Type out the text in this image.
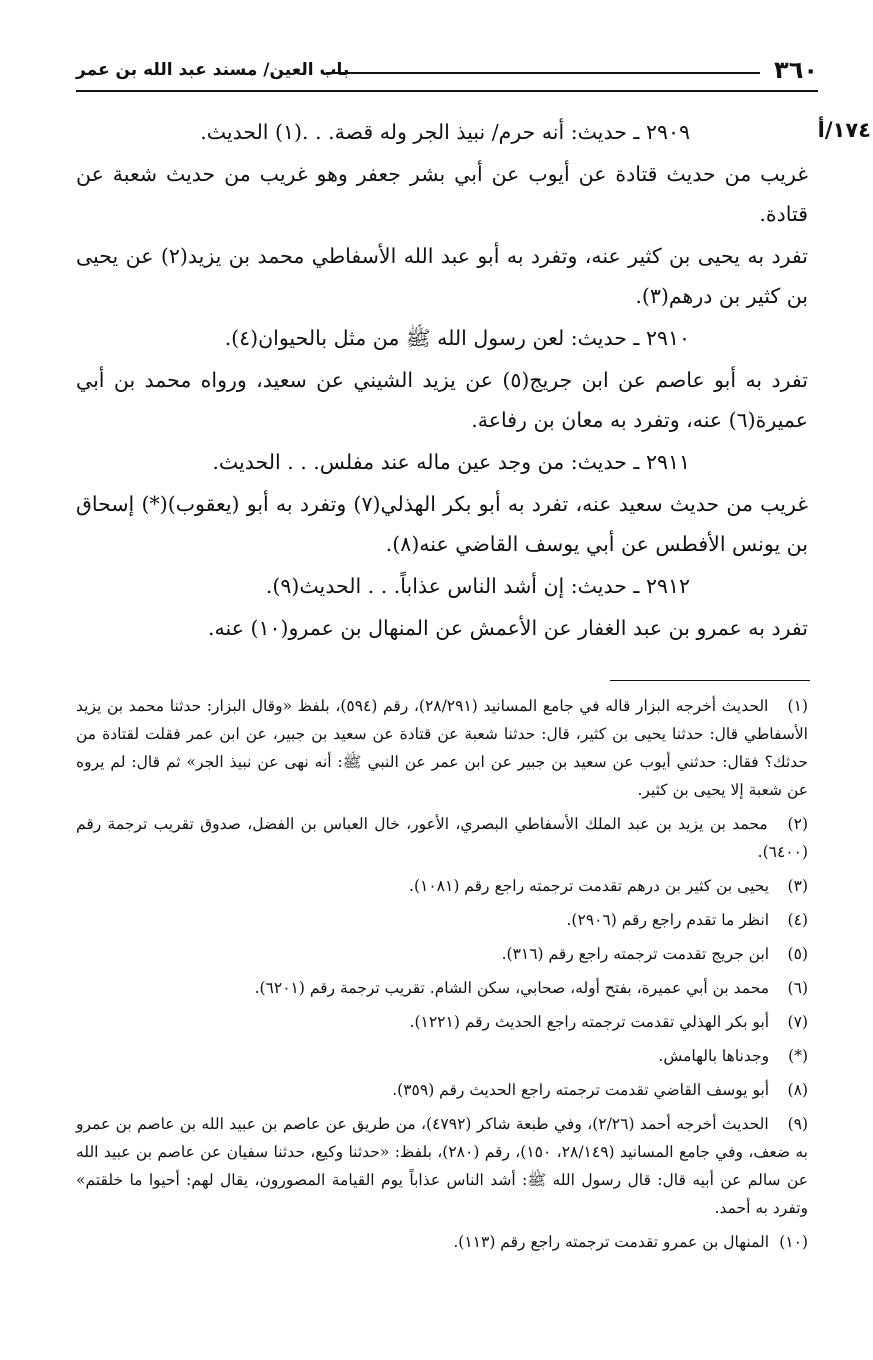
٣٦٠
باب العين/ مسند عبد الله بن عمر
١٧٤/أ

٢٩٠٩ ـ حديث: أنه حرم/ نبيذ الجر وله قصة. . .(١) الحديث.

غريب من حديث قتادة عن أيوب عن أبي بشر جعفر وهو غريب من حديث شعبة عن قتادة.

تفرد به يحيى بن كثير عنه، وتفرد به أبو عبد الله الأسفاطي محمد بن يزيد(٢) عن يحيى بن كثير بن درهم(٣).

٢٩١٠ ـ حديث: لعن رسول الله ﷺ من مثل بالحيوان(٤).

تفرد به أبو عاصم عن ابن جريج(٥) عن يزيد الشيني عن سعيد، ورواه محمد بن أبي عميرة(٦) عنه، وتفرد به معان بن رفاعة.

٢٩١١ ـ حديث: من وجد عين ماله عند مفلس. . . الحديث.

غريب من حديث سعيد عنه، تفرد به أبو بكر الهذلي(٧) وتفرد به أبو (يعقوب)(*) إسحاق بن يونس الأفطس عن أبي يوسف القاضي عنه(٨).

٢٩١٢ ـ حديث: إن أشد الناس عذاباً. . . الحديث(٩).

تفرد به عمرو بن عبد الغفار عن الأعمش عن المنهال بن عمرو(١٠) عنه.

(١) الحديث أخرجه البزار قاله في جامع المسانيد (٢٨/٢٩١)، رقم (٥٩٤)، بلفظ «وقال البزار: حدثنا محمد بن يزيد الأسفاطي قال: حدثنا يحيى بن كثير، قال: حدثنا شعبة عن قتادة عن سعيد بن جبير، عن ابن عمر فقلت لقتادة من حدثك؟ فقال: حدثني أيوب عن سعيد بن جبير عن ابن عمر عن النبي ﷺ: أنه نهى عن نبيذ الجر» ثم قال: لم يروه عن شعبة إلا يحيى بن كثير.

(٢) محمد بن يزيد بن عبد الملك الأسفاطي البصري، الأعور، خال العباس بن الفضل، صدوق تقريب ترجمة رقم (٦٤٠٠).

(٣) يحيى بن كثير بن درهم تقدمت ترجمته راجع رقم (١٠٨١).

(٤) انظر ما تقدم راجع رقم (٢٩٠٦).

(٥) ابن جريج تقدمت ترجمته راجع رقم (٣١٦).

(٦) محمد بن أبي عميرة، بفتح أوله، صحابي، سكن الشام. تقريب ترجمة رقم (٦٢٠١).

(٧) أبو بكر الهذلي تقدمت ترجمته راجع الحديث رقم (١٢٢١).

(*) وجدناها بالهامش.

(٨) أبو يوسف القاضي تقدمت ترجمته راجع الحديث رقم (٣٥٩).

(٩) الحديث أخرجه أحمد (٢/٢٦)، وفي طبعة شاكر (٤٧٩٢)، من طريق عن عاصم بن عبيد الله بن عاصم بن عمرو به ضعف، وفي جامع المسانيد (٢٨/١٤٩، ١٥٠)، رقم (٢٨٠)، بلفظ: «حدثنا وكيع، حدثنا سفيان عن عاصم بن عبيد الله عن سالم عن أبيه قال: قال رسول الله ﷺ: أشد الناس عذاباً يوم القيامة المصورون، يقال لهم: أحيوا ما خلقتم» وتفرد به أحمد.

(١٠) المنهال بن عمرو تقدمت ترجمته راجع رقم (١١٣).
